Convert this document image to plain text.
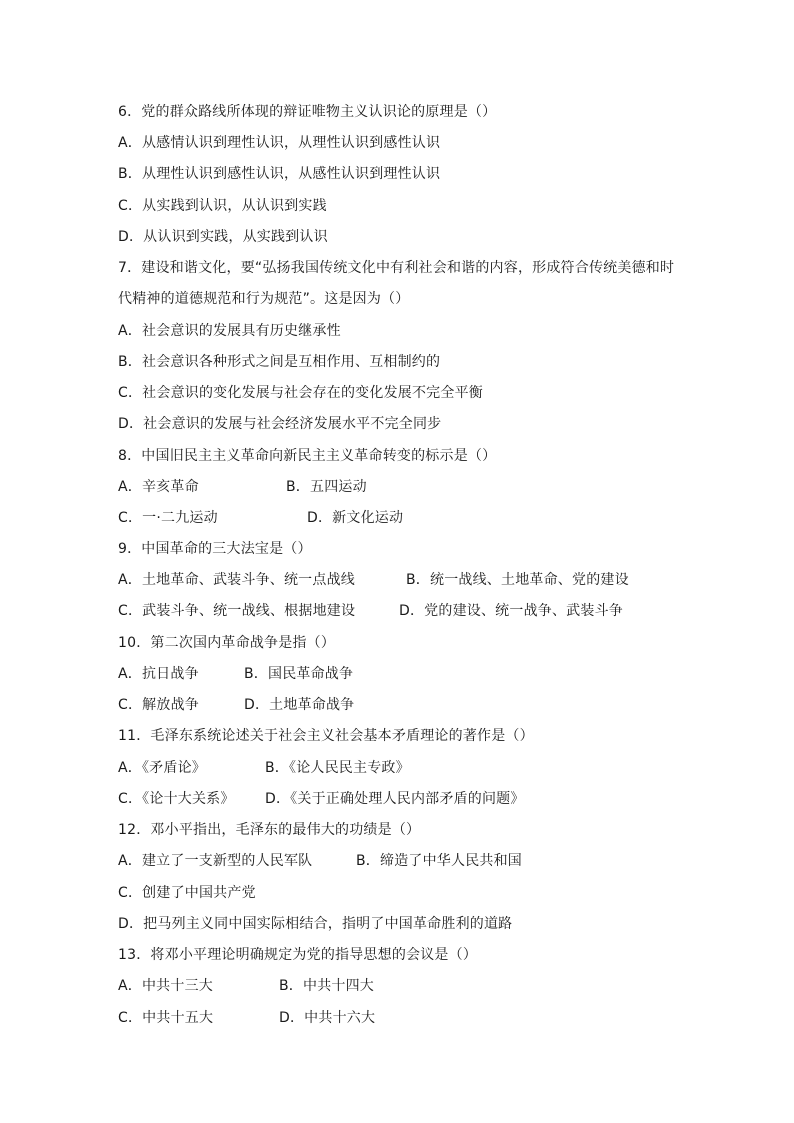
6．党的群众路线所体现的辩证唯物主义认识论的原理是（）
A．从感情认识到理性认识，从理性认识到感性认识
B．从理性认识到感性认识，从感性认识到理性认识
C．从实践到认识，从认识到实践
D．从认识到实践，从实践到认识
7．建设和谐文化，要“弘扬我国传统文化中有利社会和谐的内容，形成符合传统美德和时
代精神的道德规范和行为规范”。这是因为（）
A．社会意识的发展具有历史继承性
B．社会意识各种形式之间是互相作用、互相制约的
C．社会意识的变化发展与社会存在的变化发展不完全平衡
D．社会意识的发展与社会经济发展水平不完全同步
8．中国旧民主主义革命向新民主主义革命转变的标示是（）
A．辛亥革命	B．五四运动
C．一·二九运动	D．新文化运动
9．中国革命的三大法宝是（）
A．土地革命、武装斗争、统一点战线	B．统一战线、土地革命、党的建设
C．武装斗争、统一战线、根据地建设	D．党的建设、统一战争、武装斗争
10．第二次国内革命战争是指（）
A．抗日战争	B．国民革命战争
C．解放战争	D．土地革命战争
11．毛泽东系统论述关于社会主义社会基本矛盾理论的著作是（）
A．《矛盾论》	B．《论人民民主专政》
C．《论十大关系》 D．《关于正确处理人民内部矛盾的问题》
12．邓小平指出，毛泽东的最伟大的功绩是（）
A．建立了一支新型的人民军队	B．缔造了中华人民共和国
C．创建了中国共产党
D．把马列主义同中国实际相结合，指明了中国革命胜利的道路
13．将邓小平理论明确规定为党的指导思想的会议是（）
A．中共十三大	B．中共十四大
C．中共十五大	D．中共十六大
